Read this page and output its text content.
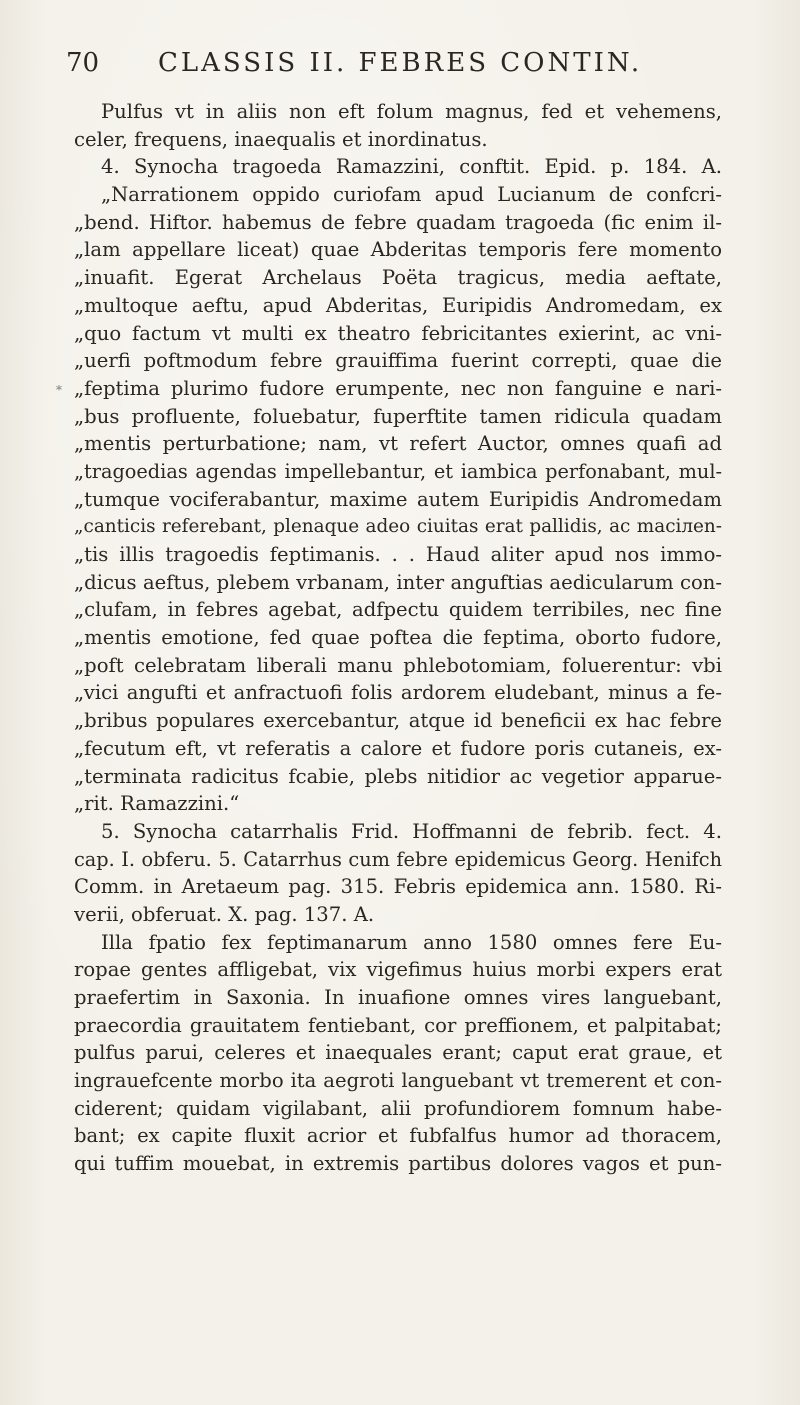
70 CLASSIS II. FEBRES CONTIN.
*
Pulfus vt in aliis non eft folum magnus, fed et vehemens,
celer, frequens, inaequalis et inordinatus.
4. Synocha tragoeda Ramazzini, conftit. Epid. p. 184. A.
„Narrationem oppido curiofam apud Lucianum de confcri-
„bend. Hiftor. habemus de febre quadam tragoeda (fic enim il-
„lam appellare liceat) quae Abderitas temporis fere momento
„inuafit. Egerat Archelaus Poëta tragicus, media aeftate,
„multoque aeftu, apud Abderitas, Euripidis Andromedam, ex
„quo factum vt multi ex theatro febricitantes exierint, ac vni-
„uerfi poftmodum febre grauiffima fuerint correpti, quae die
„feptima plurimo fudore erumpente, nec non fanguine e nari-
„bus profluente, foluebatur, fuperftite tamen ridicula quadam
„mentis perturbatione; nam, vt refert Auctor, omnes quafi ad
„tragoedias agendas impellebantur, et iambica perfonabant, mul-
„tumque vociferabantur, maxime autem Euripidis Andromedam
„canticis referebant, plenaque adeo ciuitas erat pallidis, ac maciлen-
„tis illis tragoedis feptimanis. . . Haud aliter apud nos immo-
„dicus aeftus, plebem vrbanam, inter anguftias aedicularum con-
„clufam, in febres agebat, adfpectu quidem terribiles, nec fine
„mentis emotione, fed quae poftea die feptima, oborto fudore,
„poft celebratam liberali manu phlebotomiam, foluerentur: vbi
„vici angufti et anfractuofi folis ardorem eludebant, minus a fe-
„bribus populares exercebantur, atque id beneficii ex hac febre
„fecutum eft, vt referatis a calore et fudore poris cutaneis, ex-
„terminata radicitus fcabie, plebs nitidior ac vegetior apparue-
„rit. Ramazzini.“
5. Synocha catarrhalis Frid. Hoffmanni de febrib. fect. 4.
cap. I. obferu. 5. Catarrhus cum febre epidemicus Georg. Henifch
Comm. in Aretaeum pag. 315. Febris epidemica ann. 1580. Ri-
verii, obferuat. X. pag. 137. A.
Illa fpatio fex feptimanarum anno 1580 omnes fere Eu-
ropae gentes affligebat, vix vigefimus huius morbi expers erat
praefertim in Saxonia. In inuafione omnes vires languebant,
praecordia grauitatem fentiebant, cor preffionem, et palpitabat;
pulfus parui, celeres et inaequales erant; caput erat graue, et
ingrauefcente morbo ita aegroti languebant vt tremerent et con-
ciderent; quidam vigilabant, alii profundiorem fomnum habe-
bant; ex capite fluxit acrior et fubfalfus humor ad thoracem,
qui tuffim mouebat, in extremis partibus dolores vagos et pun-
